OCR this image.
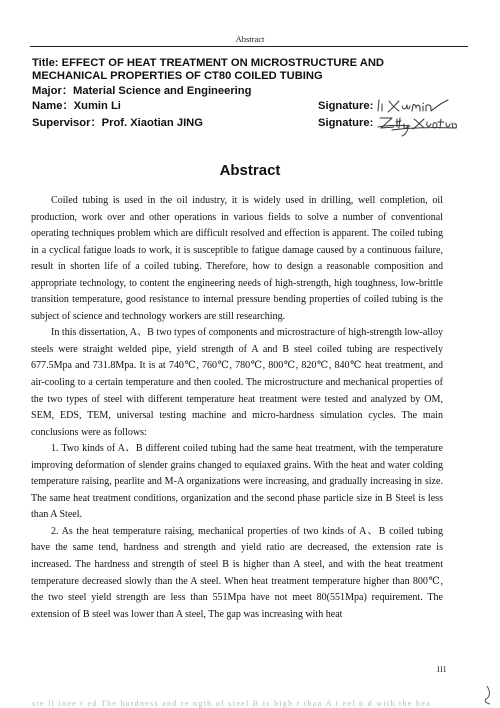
Abstract
Title: EFFECT OF HEAT TREATMENT ON MICROSTRUCTURE AND
MECHANICAL PROPERTIES OF CT80 COILED TUBING
Major：Material Science and Engineering
Name：Xumin Li
Supervisor：Prof. Xiaotian JING
Signature:
Signature:
Abstract

Coiled tubing is used in the oil industry, it is widely used in drilling, well completion, oil production, work over and other operations in various fields to solve a number of conventional operating techniques problem which are difficult resolved and effection is apparent. The coiled tubing in a cyclical fatigue loads to work, it is susceptible to fatigue damage caused by a continuous failure, result in shorten life of a coiled tubing. Therefore, how to design a reasonable composition and appropriate technology, to content the engineering needs of high-strength, high toughness, low-brittle transition temperature, good resistance to internal pressure bending properties of coiled tubing is the subject of science and technology workers are still researching.

In this dissertation, A、B two types of components and microstracture of high-strength low-alloy steels were straight welded pipe, yield strength of A and B steel coiled tubing are respectively 677.5Mpa and 731.8Mpa. It is at 740℃, 760℃, 780℃, 800℃, 820℃, 840℃ heat treatment, and air-cooling to a certain temperature and then cooled. The microstructure and mechanical properties of the two types of steel with different temperature heat treatment were tested and analyzed by OM, SEM, EDS, TEM, universal testing machine and micro-hardness simulation cycles. The main conclusions were as follows:

1. Two kinds of A、B different coiled tubing had the same heat treatment, with the temperature improving deformation of slender grains changed to equiaxed grains. With the heat and water colding temperature raising, pearlite and M-A organizations were increasing, and gradually increasing in size. The same heat treatment conditions, organization and the second phase particle size in B Steel is less than A Steel.

2. As the heat temperature raising, mechanical properties of two kinds of A、B coiled tubing have the same tend, hardness and strength and yield ratio are decreased, the extension rate is increased. The hardness and strength of steel B is higher than A steel, and with the heat treatment temperature decreased slowly than the A steel. When heat treatment temperature higher than 800℃, the two steel yield strength are less than 551Mpa have not meet 80(551Mpa) requirement. The extension of B steel was lower than A steel, The gap was increasing with heat

III
ste ll inee r ed The hardness and re ngth of steel B is high r than A t eel n d with the hea
